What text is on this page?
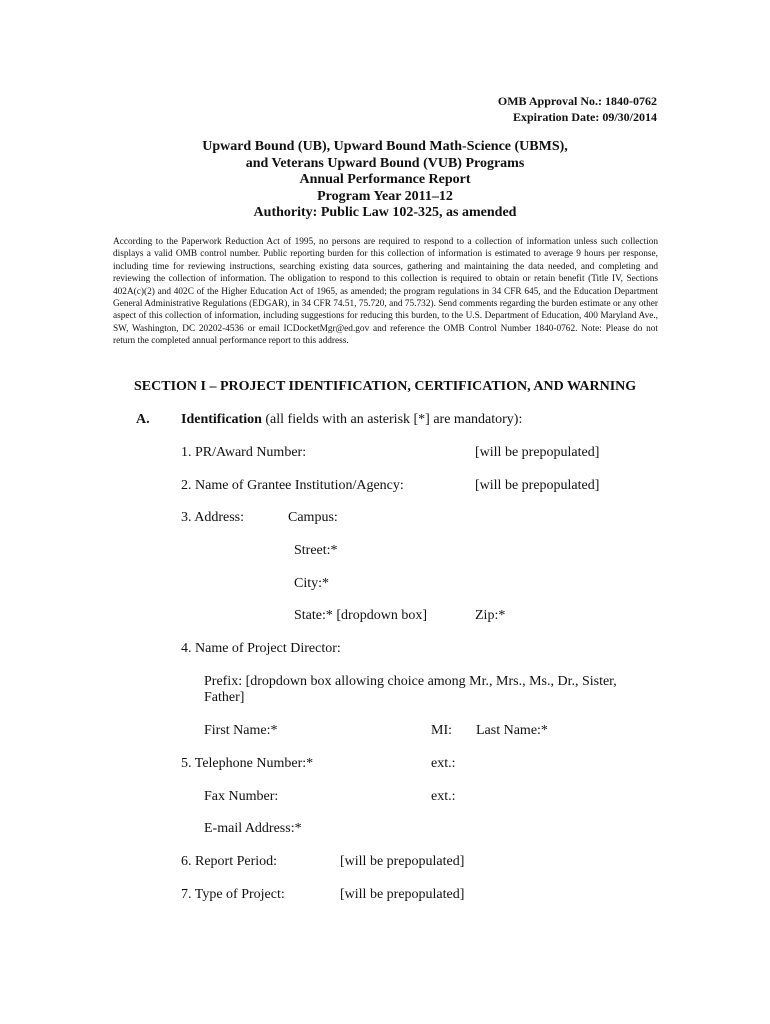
OMB Approval No.: 1840-0762
Expiration Date: 09/30/2014
Upward Bound (UB), Upward Bound Math-Science (UBMS),
and Veterans Upward Bound (VUB) Programs
Annual Performance Report
Program Year 2011–12
Authority: Public Law 102-325, as amended
According to the Paperwork Reduction Act of 1995, no persons are required to respond to a collection of information unless such collection displays a valid OMB control number. Public reporting burden for this collection of information is estimated to average 9 hours per response, including time for reviewing instructions, searching existing data sources, gathering and maintaining the data needed, and completing and reviewing the collection of information. The obligation to respond to this collection is required to obtain or retain benefit (Title IV, Sections 402A(c)(2) and 402C of the Higher Education Act of 1965, as amended; the program regulations in 34 CFR 645, and the Education Department General Administrative Regulations (EDGAR), in 34 CFR 74.51, 75.720, and 75.732). Send comments regarding the burden estimate or any other aspect of this collection of information, including suggestions for reducing this burden, to the U.S. Department of Education, 400 Maryland Ave., SW, Washington, DC 20202-4536 or email ICDocketMgr@ed.gov and reference the OMB Control Number 1840-0762. Note: Please do not return the completed annual performance report to this address.
SECTION I – PROJECT IDENTIFICATION, CERTIFICATION, AND WARNING
A. Identification (all fields with an asterisk [*] are mandatory):
1. PR/Award Number:	[will be prepopulated]
2. Name of Grantee Institution/Agency:	[will be prepopulated]
3. Address:	Campus:
Street:*
City:*
State:* [dropdown box]	Zip:*
4. Name of Project Director:
Prefix: [dropdown box allowing choice among Mr., Mrs., Ms., Dr., Sister,
Father]
First Name:*	MI: Last Name:*
5. Telephone Number:*	ext.:
Fax Number:	ext.:
E-mail Address:*
6. Report Period:	[will be prepopulated]
7. Type of Project:	[will be prepopulated]
